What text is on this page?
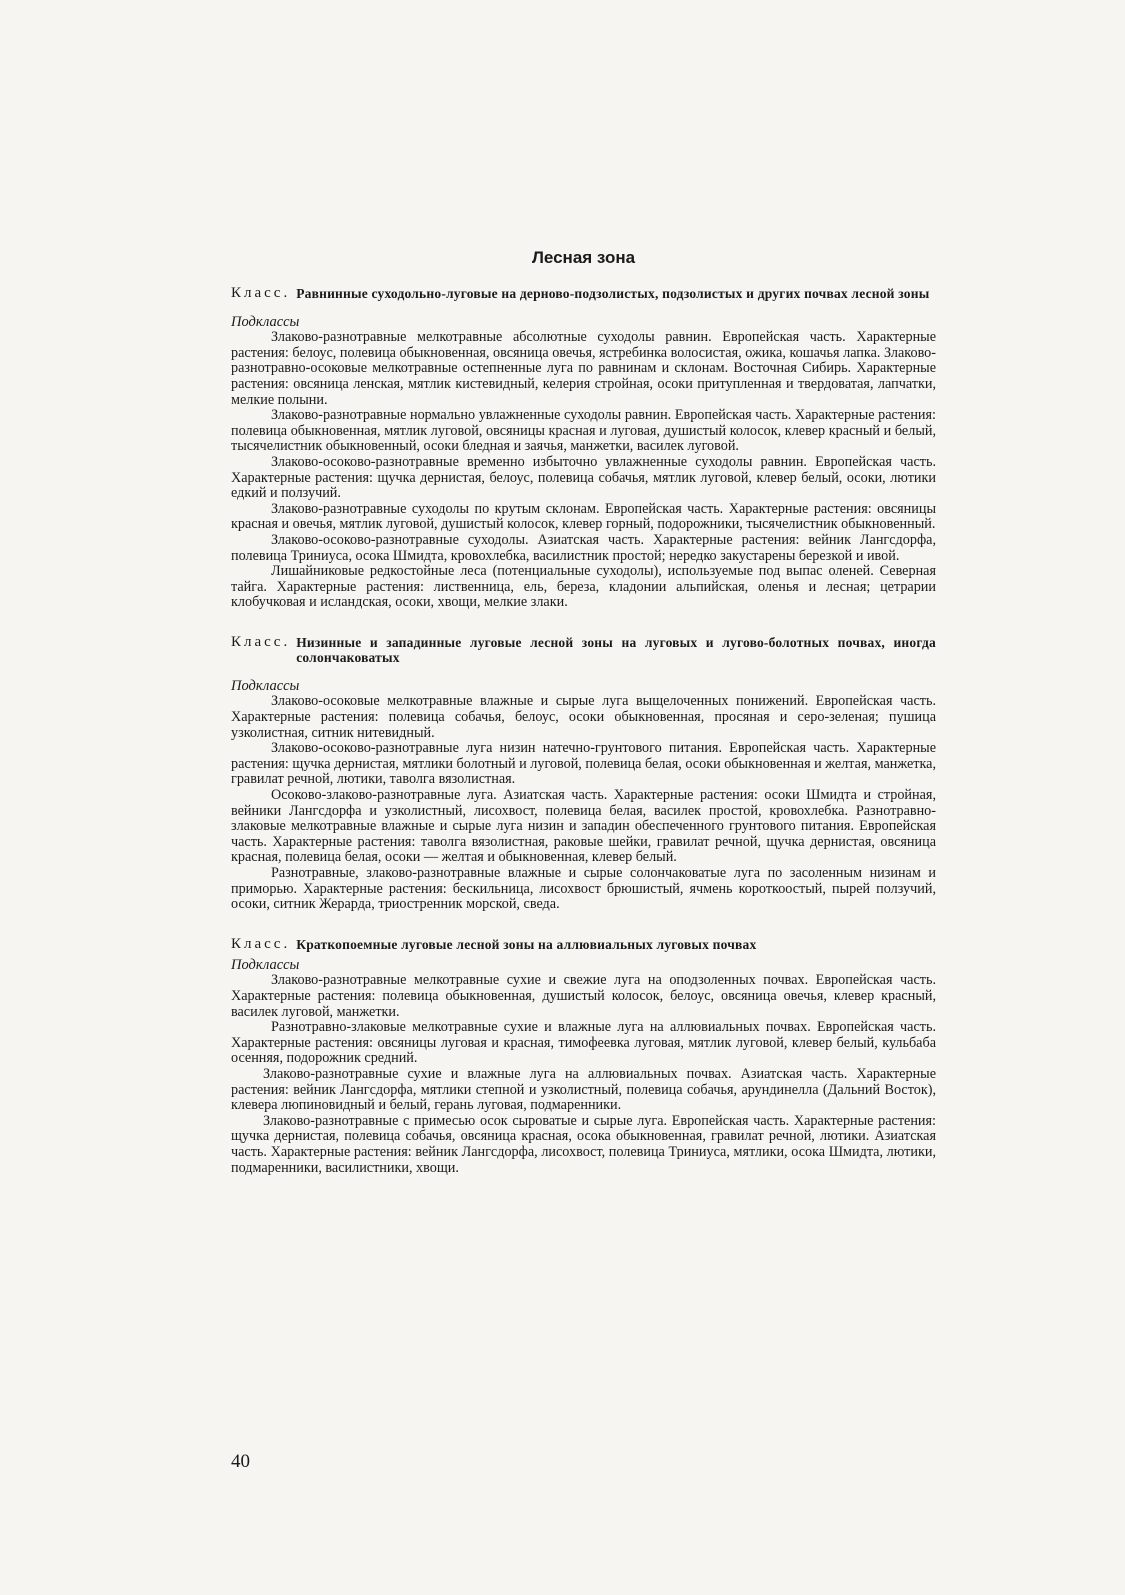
Лесная зона
Класс. Равнинные суходольно-луговые на дерново-подзолистых, подзолистых и других почвах лесной зоны
Подклассы

Злаково-разнотравные мелкотравные абсолютные суходолы равнин. Европейская часть. Характерные растения: белоус, полевица обыкновенная, овсяница овечья, ястребинка волосистая, ожика, кошачья лапка. Злаково-разнотравно-осоковые мелкотравные остепненные луга по равнинам и склонам. Восточная Сибирь. Характерные растения: овсяница ленская, мятлик кистевидный, келерия стройная, осоки притупленная и твердоватая, лапчатки, мелкие полыни.

Злаково-разнотравные нормально увлажненные суходолы равнин. Европейская часть. Характерные растения: полевица обыкновенная, мятлик луговой, овсяницы красная и луговая, душистый колосок, клевер красный и белый, тысячелистник обыкновенный, осоки бледная и заячья, манжетки, василек луговой.

Злаково-осоково-разнотравные временно избыточно увлажненные суходолы равнин. Европейская часть. Характерные растения: щучка дернистая, белоус, полевица собачья, мятлик луговой, клевер белый, осоки, лютики едкий и ползучий.

Злаково-разнотравные суходолы по крутым склонам. Европейская часть. Характерные растения: овсяницы красная и овечья, мятлик луговой, душистый колосок, клевер горный, подорожники, тысячелистник обыкновенный.

Злаково-осоково-разнотравные суходолы. Азиатская часть. Характерные растения: вейник Лангсдорфа, полевица Триниуса, осока Шмидта, кровохлебка, василистник простой; нередко закустарены березкой и ивой.

Лишайниковые редкостойные леса (потенциальные суходолы), используемые под выпас оленей. Северная тайга. Характерные растения: лиственница, ель, береза, кладонии альпийская, оленья и лесная; цетрарии клобучковая и исландская, осоки, хвощи, мелкие злаки.

Класс. Низинные и западинные луговые лесной зоны на луговых и лугово-болотных почвах, иногда солончаковатых
Подклассы

Злаково-осоковые мелкотравные влажные и сырые луга выщелоченных понижений. Европейская часть. Характерные растения: полевица собачья, белоус, осоки обыкновенная, просяная и серо-зеленая; пушица узколистная, ситник нитевидный.

Злаково-осоково-разнотравные луга низин натечно-грунтового питания. Европейская часть. Характерные растения: щучка дернистая, мятлики болотный и луговой, полевица белая, осоки обыкновенная и желтая, манжетка, гравилат речной, лютики, таволга вязолистная.

Осоково-злаково-разнотравные луга. Азиатская часть. Характерные растения: осоки Шмидта и стройная, вейники Лангсдорфа и узколистный, лисохвост, полевица белая, василек простой, кровохлебка. Разнотравно-злаковые мелкотравные влажные и сырые луга низин и западин обеспеченного грунтового питания. Европейская часть. Характерные растения: таволга вязолистная, раковые шейки, гравилат речной, щучка дернистая, овсяница красная, полевица белая, осоки — желтая и обыкновенная, клевер белый.

Разнотравные, злаково-разнотравные влажные и сырые солончаковатые луга по засоленным низинам и приморью. Характерные растения: бескильница, лисохвост брюшистый, ячмень короткоостый, пырей ползучий, осоки, ситник Жерарда, триостренник морской, сведа.

Класс. Краткопоемные луговые лесной зоны на аллювиальных луговых почвах
Подклассы

Злаково-разнотравные мелкотравные сухие и свежие луга на оподзоленных почвах. Европейская часть. Характерные растения: полевица обыкновенная, душистый колосок, белоус, овсяница овечья, клевер красный, василек луговой, манжетки.

Разнотравно-злаковые мелкотравные сухие и влажные луга на аллювиальных почвах. Европейская часть. Характерные растения: овсяницы луговая и красная, тимофеевка луговая, мятлик луговой, клевер белый, кульбаба осенняя, подорожник средний.

Злаково-разнотравные сухие и влажные луга на аллювиальных почвах. Азиатская часть. Характерные растения: вейник Лангсдорфа, мятлики степной и узколистный, полевица собачья, арундинелла (Дальний Восток), клевера люпиновидный и белый, герань луговая, подмаренники.

Злаково-разнотравные с примесью осок сыроватые и сырые луга. Европейская часть. Характерные растения: щучка дернистая, полевица собачья, овсяница красная, осока обыкновенная, гравилат речной, лютики. Азиатская часть. Характерные растения: вейник Лангсдорфа, лисохвост, полевица Триниуса, мятлики, осока Шмидта, лютики, подмаренники, василистники, хвощи.

40
